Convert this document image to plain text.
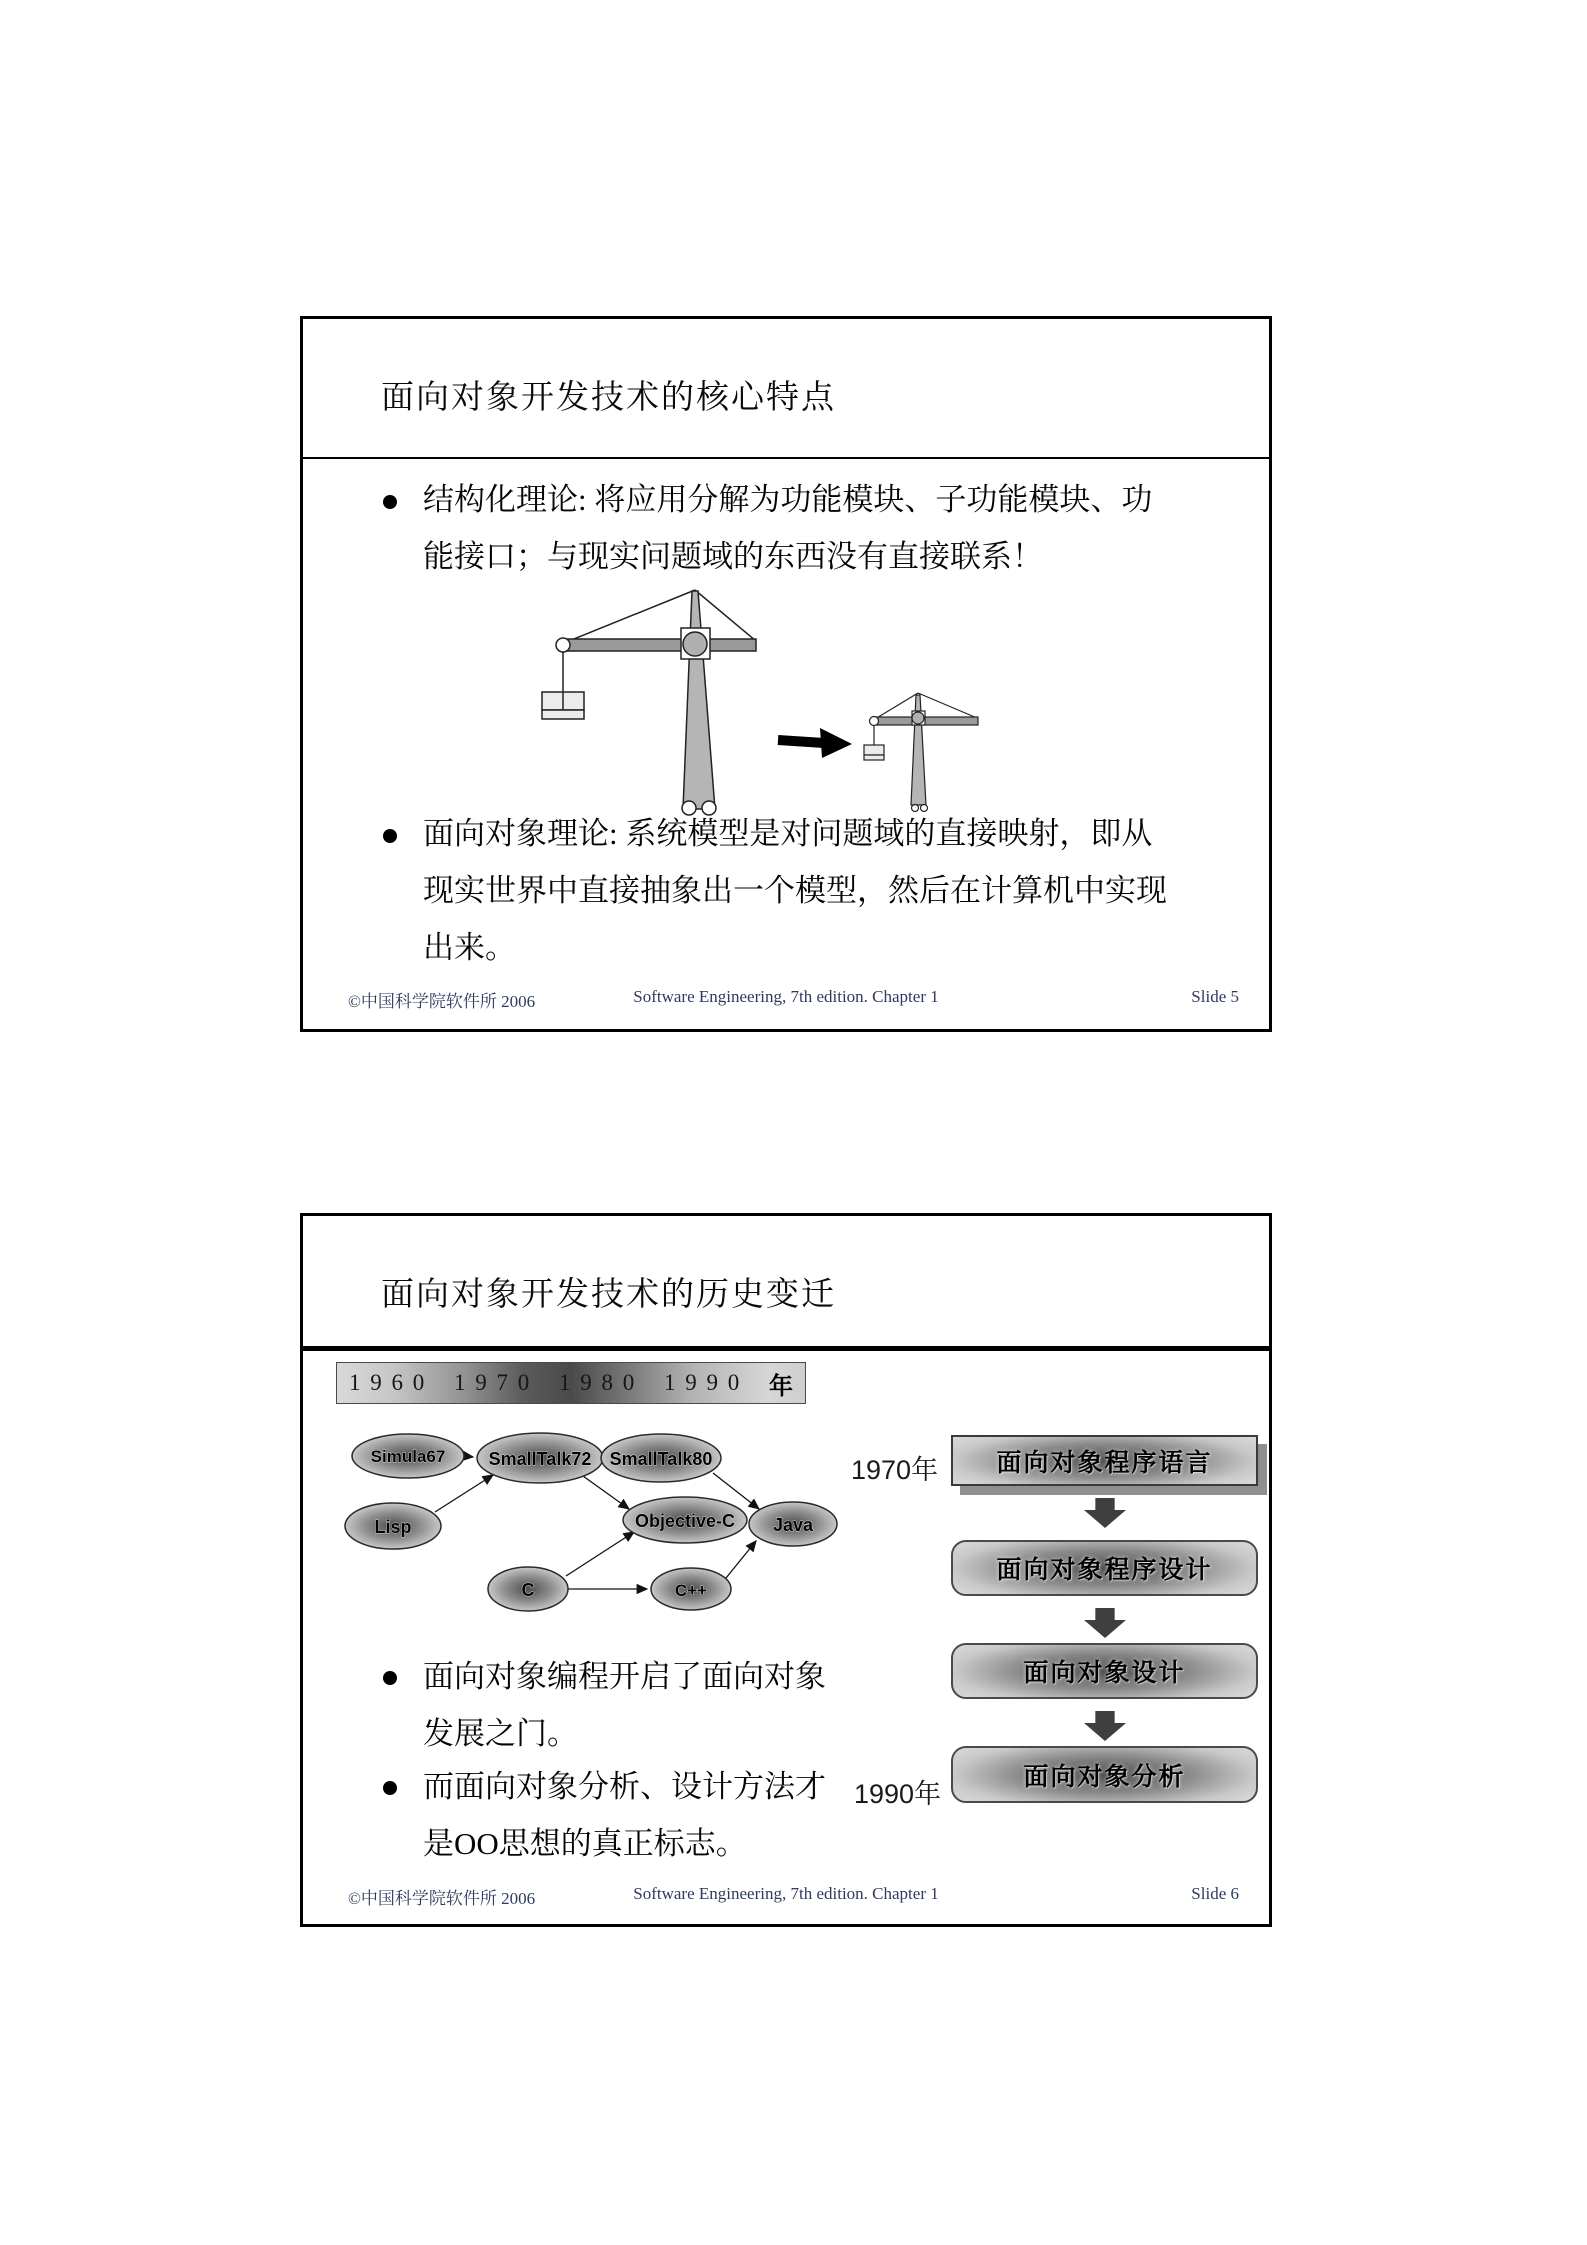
面向对象开发技术的核心特点
结构化理论: 将应用分解为功能模块、子功能模块、功
能接口；与现实问题域的东西没有直接联系！
面向对象理论: 系统模型是对问题域的直接映射，即从
现实世界中直接抽象出一个模型，然后在计算机中实现
出来。
©中国科学院软件所 2006	Software Engineering, 7th edition. Chapter 1	Slide 5
面向对象开发技术的历史变迁
1 9 6 0 1 9 7 0 1 9 8 0 1 9 9 0 年
Simula67 SmallTalk72 SmallTalk80
Lisp	Objective-C Java
C	C++
1970年 面向对象程序语言
面向对象程序设计
面向对象设计
面向对象分析
面向对象编程开启了面向对象
发展之门。
而面向对象分析、设计方法才
是OO思想的真正标志。
1990年
©中国科学院软件所 2006	Software Engineering, 7th edition. Chapter 1	Slide 6
